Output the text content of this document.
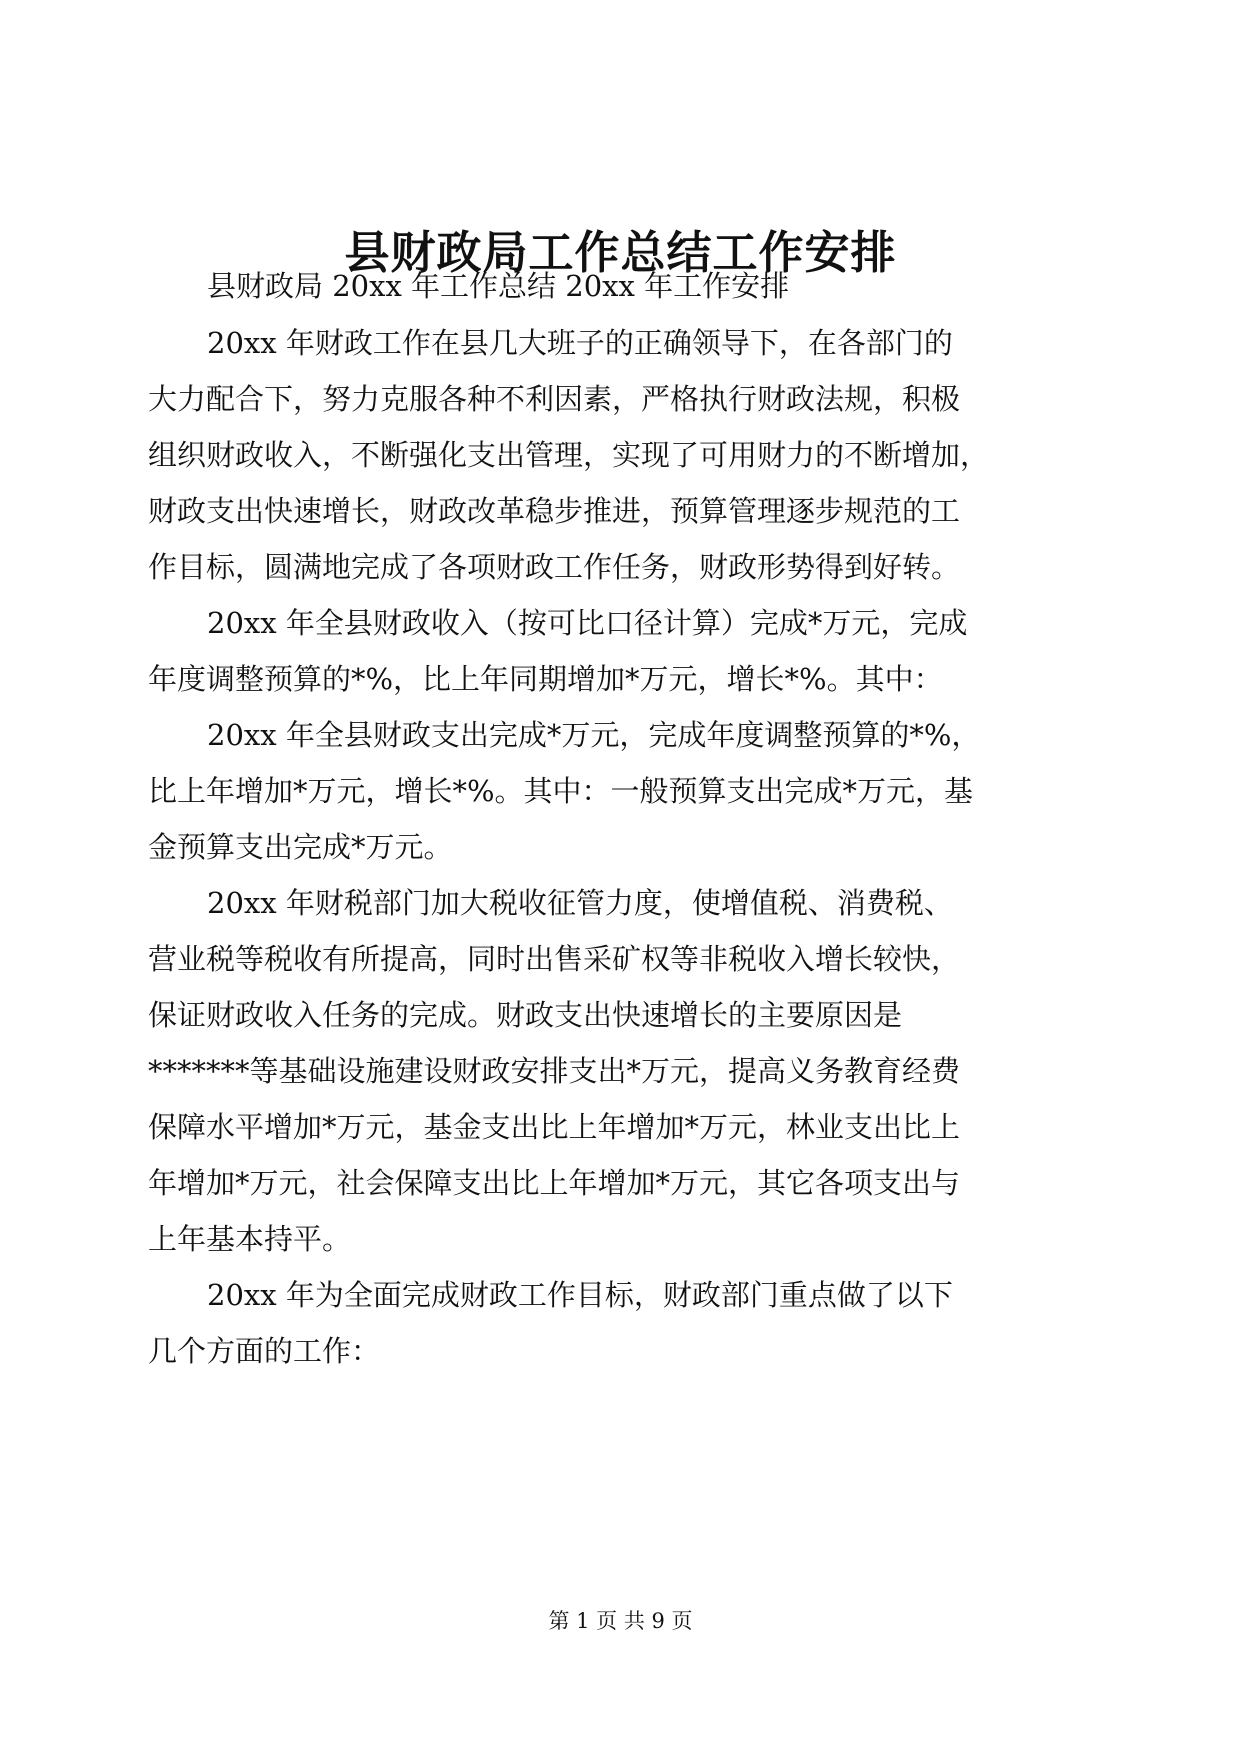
县财政局工作总结工作安排
县财政局 20xx 年工作总结 20xx 年工作安排
20xx 年财政工作在县几大班子的正确领导下，在各部门的
大力配合下，努力克服各种不利因素，严格执行财政法规，积极
组织财政收入，不断强化支出管理，实现了可用财力的不断增加，
财政支出快速增长，财政改革稳步推进，预算管理逐步规范的工
作目标，圆满地完成了各项财政工作任务，财政形势得到好转。
20xx 年全县财政收入（按可比口径计算）完成*万元，完成
年度调整预算的*%，比上年同期增加*万元，增长*%。其中：
20xx 年全县财政支出完成*万元，完成年度调整预算的*%，
比上年增加*万元，增长*%。其中：一般预算支出完成*万元，基
金预算支出完成*万元。
20xx 年财税部门加大税收征管力度，使增值税、消费税、
营业税等税收有所提高，同时出售采矿权等非税收入增长较快，
保证财政收入任务的完成。财政支出快速增长的主要原因是
*******等基础设施建设财政安排支出*万元，提高义务教育经费
保障水平增加*万元，基金支出比上年增加*万元，林业支出比上
年增加*万元，社会保障支出比上年增加*万元，其它各项支出与
上年基本持平。
20xx 年为全面完成财政工作目标，财政部门重点做了以下
几个方面的工作：
第 1 页 共 9 页
